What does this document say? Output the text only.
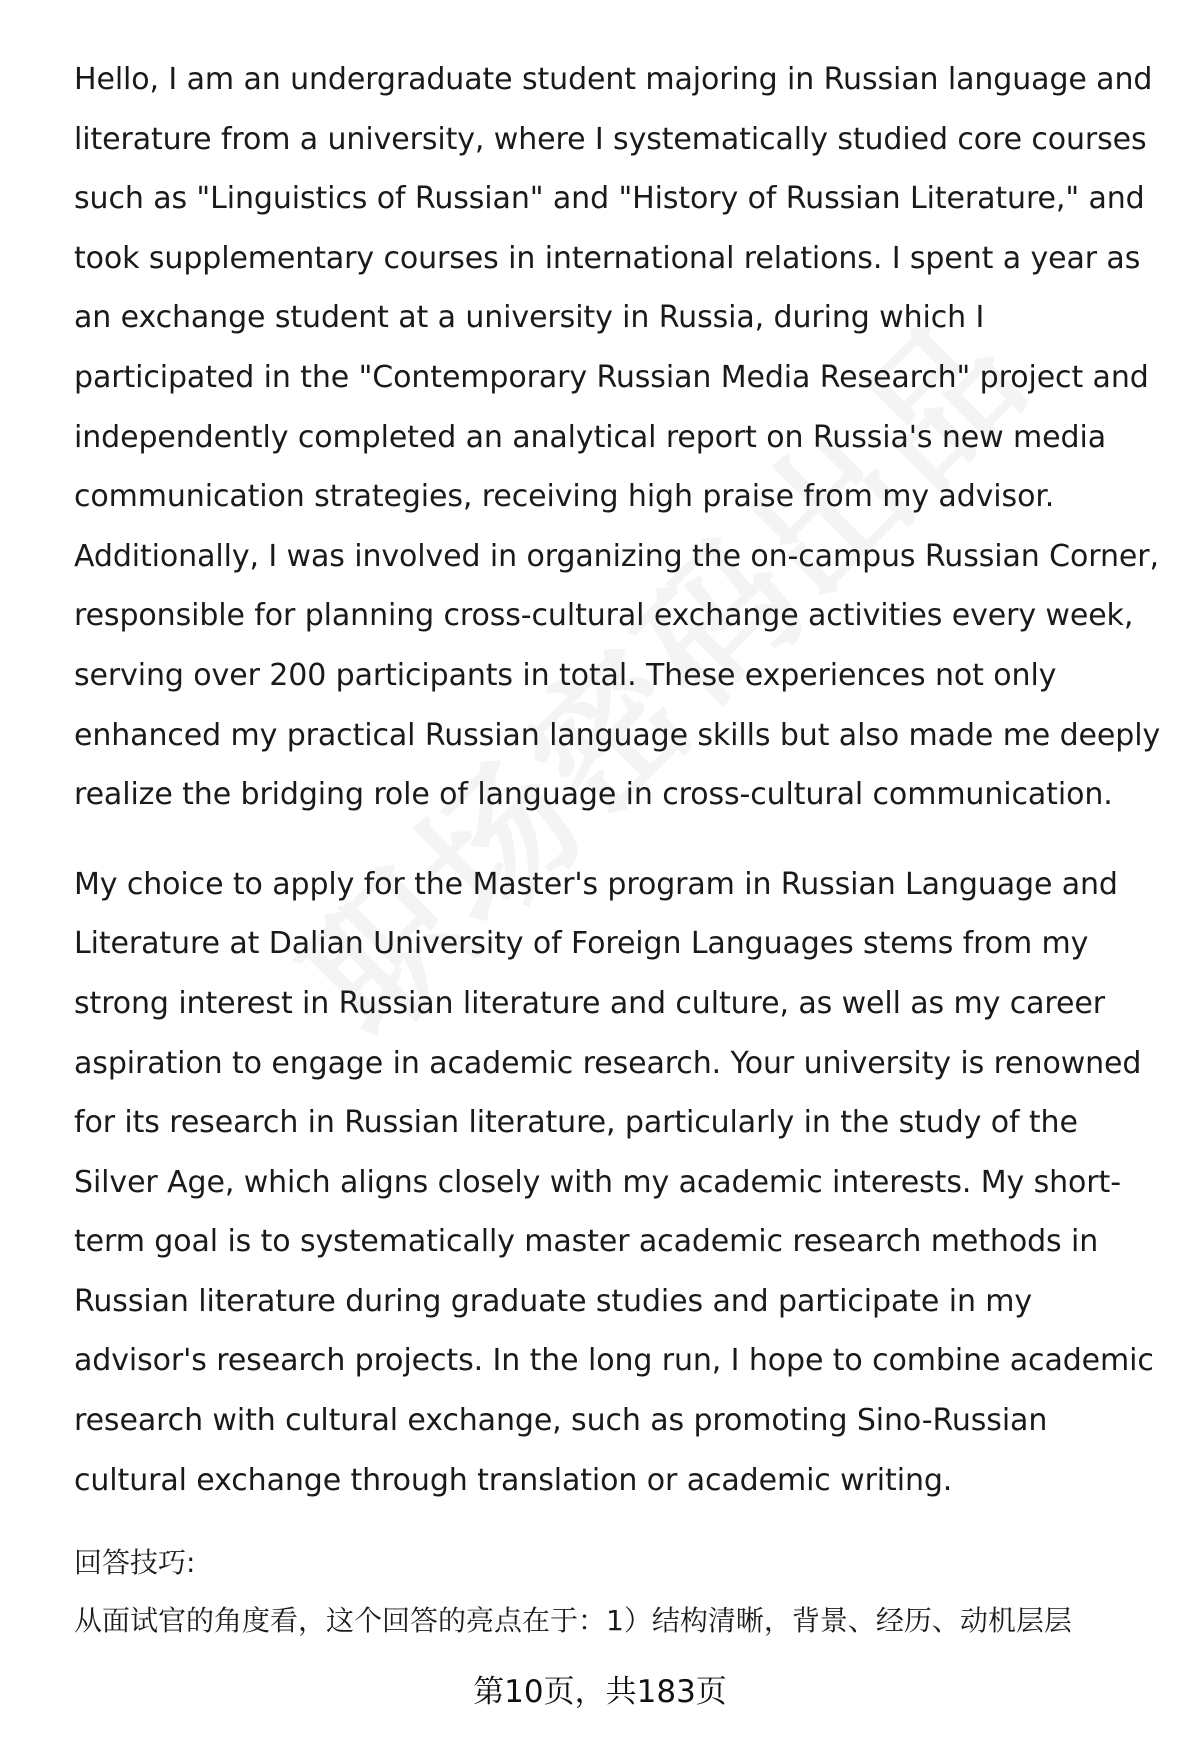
Hello, I am an undergraduate student majoring in Russian language and literature from a university, where I systematically studied core courses such as "Linguistics of Russian" and "History of Russian Literature," and took supplementary courses in international relations. I spent a year as an exchange student at a university in Russia, during which I participated in the "Contemporary Russian Media Research" project and independently completed an analytical report on Russia's new media communication strategies, receiving high praise from my advisor. Additionally, I was involved in organizing the on-campus Russian Corner, responsible for planning cross-cultural exchange activities every week, serving over 200 participants in total. These experiences not only enhanced my practical Russian language skills but also made me deeply realize the bridging role of language in cross-cultural communication.

My choice to apply for the Master's program in Russian Language and Literature at Dalian University of Foreign Languages stems from my strong interest in Russian literature and culture, as well as my career aspiration to engage in academic research. Your university is renowned for its research in Russian literature, particularly in the study of the Silver Age, which aligns closely with my academic interests. My short-term goal is to systematically master academic research methods in Russian literature during graduate studies and participate in my advisor's research projects. In the long run, I hope to combine academic research with cultural exchange, such as promoting Sino-Russian cultural exchange through translation or academic writing.

回答技巧:

从面试官的角度看，这个回答的亮点在于：1）结构清晰，背景、经历、动机层层

第10页，共183页
